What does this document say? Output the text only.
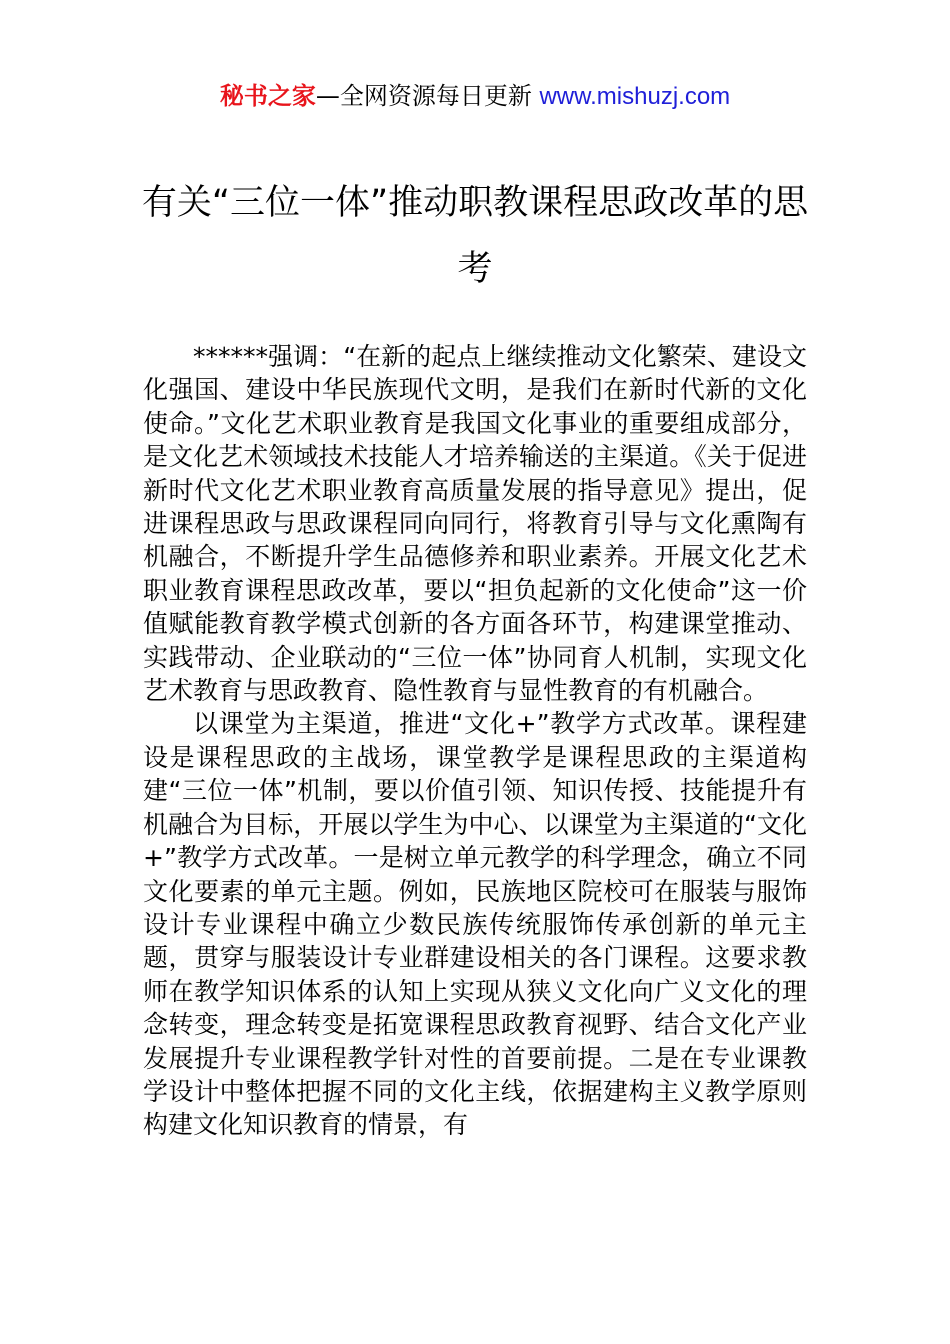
秘书之家—全网资源每日更新 www.mishuzj.com
有关“三位一体”推动职教课程思政改革的思考

******强调：“在新的起点上继续推动文化繁荣、建设文化强国、建设中华民族现代文明，是我们在新时代新的文化使命。”文化艺术职业教育是我国文化事业的重要组成部分，是文化艺术领域技术技能人才培养输送的主渠道。《关于促进新时代文化艺术职业教育高质量发展的指导意见》提出，促进课程思政与思政课程同向同行，将教育引导与文化熏陶有机融合，不断提升学生品德修养和职业素养。开展文化艺术职业教育课程思政改革，要以“担负起新的文化使命”这一价值赋能教育教学模式创新的各方面各环节，构建课堂推动、实践带动、企业联动的“三位一体”协同育人机制，实现文化艺术教育与思政教育、隐性教育与显性教育的有机融合。

以课堂为主渠道，推进“文化+”教学方式改革。课程建设是课程思政的主战场，课堂教学是课程思政的主渠道构建“三位一体”机制，要以价值引领、知识传授、技能提升有机融合为目标，开展以学生为中心、以课堂为主渠道的“文化+”教学方式改革。一是树立单元教学的科学理念，确立不同文化要素的单元主题。例如，民族地区院校可在服装与服饰设计专业课程中确立少数民族传统服饰传承创新的单元主题，贯穿与服装设计专业群建设相关的各门课程。这要求教师在教学知识体系的认知上实现从狭义文化向广义文化的理念转变，理念转变是拓宽课程思政教育视野、结合文化产业发展提升专业课程教学针对性的首要前提。二是在专业课教学设计中整体把握不同的文化主线，依据建构主义教学原则构建文化知识教育的情景，有
